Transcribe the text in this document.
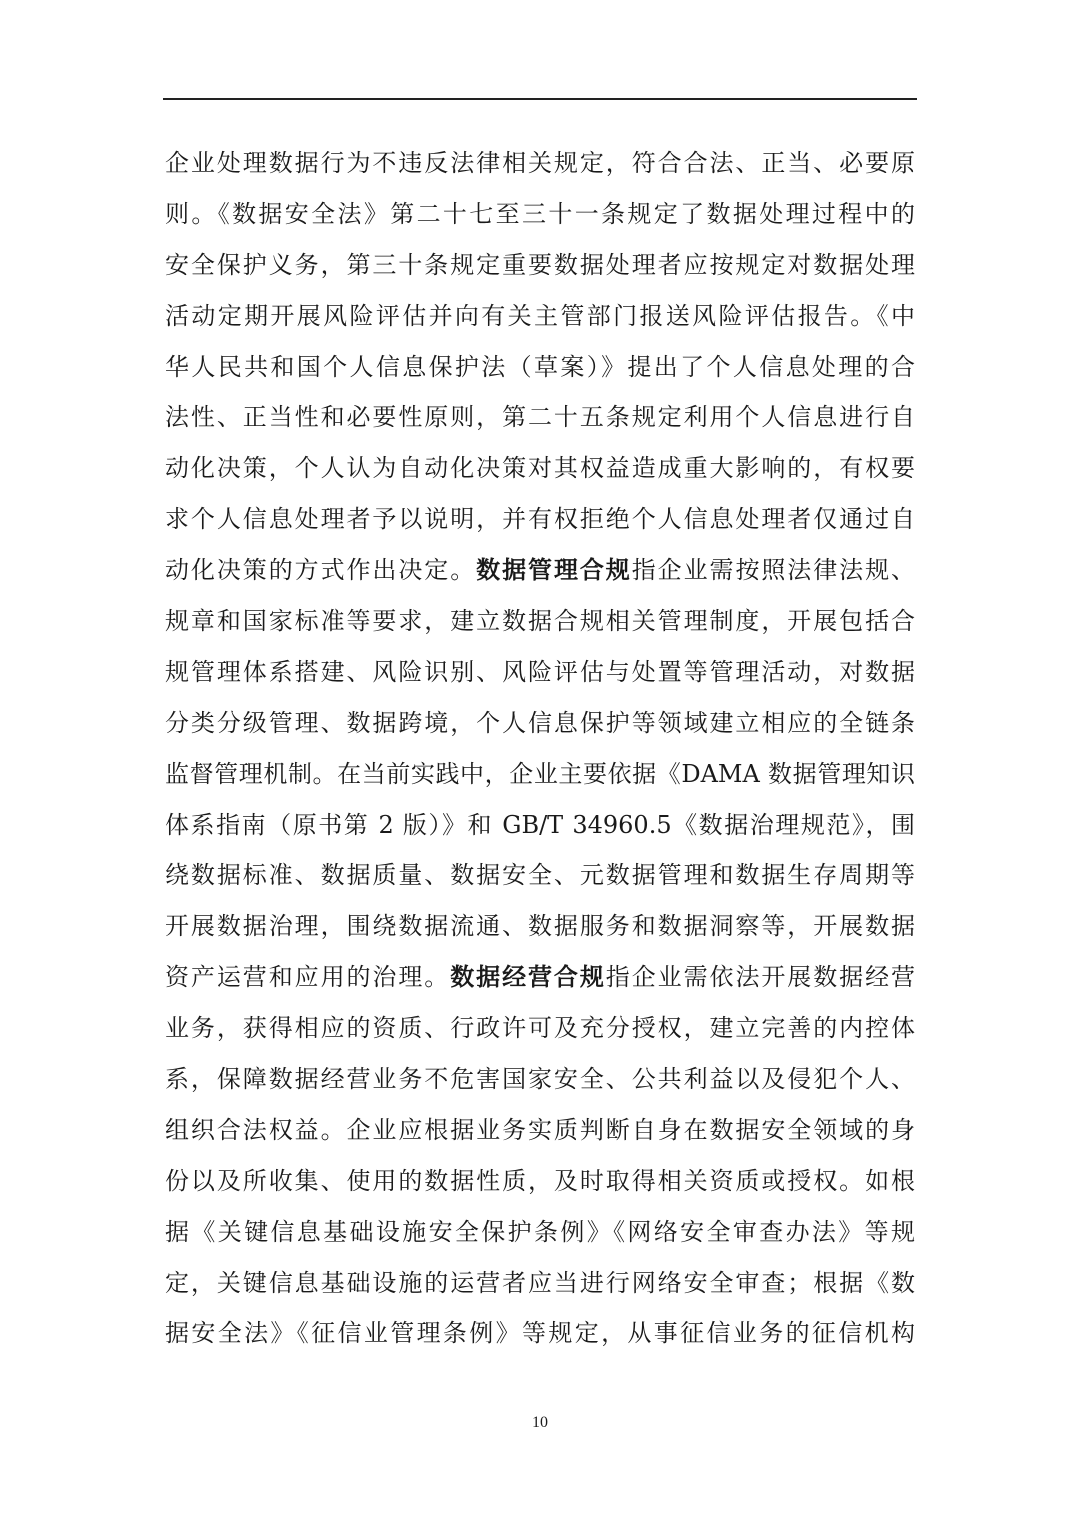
企业处理数据行为不违反法律相关规定，符合合法、正当、必要原
则。《数据安全法》第二十七至三十一条规定了数据处理过程中的
安全保护义务，第三十条规定重要数据处理者应按规定对数据处理
活动定期开展风险评估并向有关主管部门报送风险评估报告。《中
华人民共和国个人信息保护法（草案）》提出了个人信息处理的合
法性、正当性和必要性原则，第二十五条规定利用个人信息进行自
动化决策，个人认为自动化决策对其权益造成重大影响的，有权要
求个人信息处理者予以说明，并有权拒绝个人信息处理者仅通过自
动化决策的方式作出决定。数据管理合规指企业需按照法律法规、
规章和国家标准等要求，建立数据合规相关管理制度，开展包括合
规管理体系搭建、风险识别、风险评估与处置等管理活动，对数据
分类分级管理、数据跨境，个人信息保护等领域建立相应的全链条
监督管理机制。在当前实践中，企业主要依据《DAMA 数据管理知识
体系指南（原书第 2 版）》和 GB/T 34960.5《数据治理规范》，围
绕数据标准、数据质量、数据安全、元数据管理和数据生存周期等
开展数据治理，围绕数据流通、数据服务和数据洞察等，开展数据
资产运营和应用的治理。数据经营合规指企业需依法开展数据经营
业务，获得相应的资质、行政许可及充分授权，建立完善的内控体
系，保障数据经营业务不危害国家安全、公共利益以及侵犯个人、
组织合法权益。企业应根据业务实质判断自身在数据安全领域的身
份以及所收集、使用的数据性质，及时取得相关资质或授权。如根
据《关键信息基础设施安全保护条例》《网络安全审查办法》等规
定，关键信息基础设施的运营者应当进行网络安全审查；根据《数
据安全法》《征信业管理条例》等规定，从事征信业务的征信机构
10
